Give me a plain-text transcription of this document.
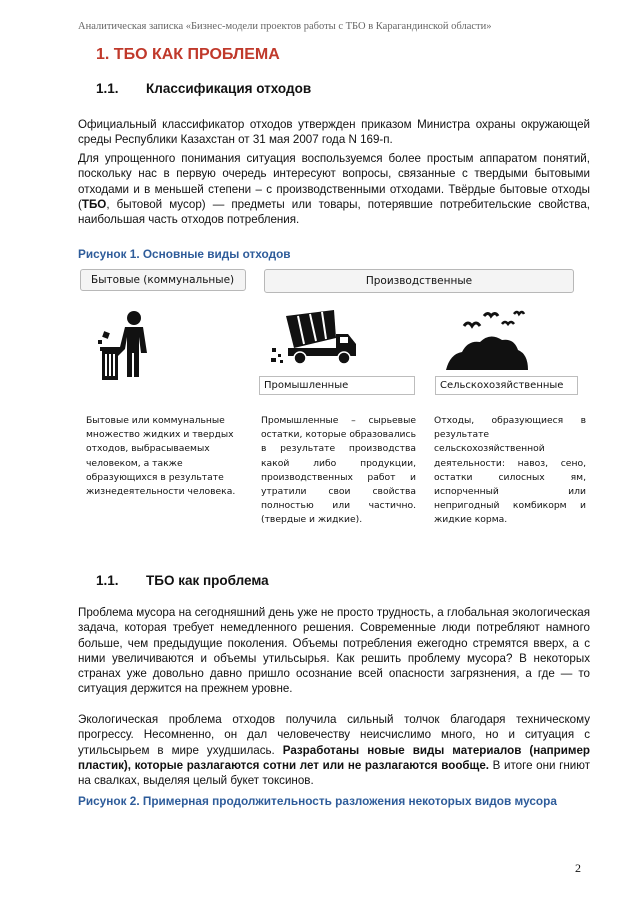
Аналитическая записка «Бизнес-модели проектов работы с ТБО в Карагандинской области»
1. ТБО КАК ПРОБЛЕМА
1.1. Классификация отходов
Официальный классификатор отходов утвержден приказом Министра охраны окружающей среды Республики Казахстан от 31 мая 2007 года N 169-п.
Для упрощенного понимания ситуация воспользуемся более простым аппаратом понятий, поскольку нас в первую очередь интересуют вопросы, связанные с твердыми бытовыми отходами и в меньшей степени – с производственными отходами. Твёрдые бытовые отходы (ТБО, бытовой мусор) — предметы или товары, потерявшие потребительские свойства, наибольшая часть отходов потребления.
Рисунок 1. Основные виды отходов
Бытовые (коммунальные)	Производственные
Промышленные	Сельскохозяйственные
Бытовые или коммунальные множество жидких и твердых отходов, выбрасываемых человеком, а также образующихся в результате жизнедеятельности человека.
Промышленные – сырьевые остатки, которые образовались в результате производства какой либо продукции, производственных работ и утратили свои свойства полностью или частично. (твердые и жидкие).
Отходы, образующиеся в результате сельскохозяйственной деятельности: навоз, сено, остатки силосных ям, испорченный или непригодный комбикорм и жидкие корма.
1.1. ТБО как проблема
Проблема мусора на сегодняшний день уже не просто трудность, а глобальная экологическая задача, которая требует немедленного решения. Современные люди потребляют намного больше, чем предыдущие поколения. Объемы потребления ежегодно стремятся вверх, а с ними увеличиваются и объемы утильсырья. Как решить проблему мусора? В некоторых странах уже довольно давно пришло осознание всей опасности загрязнения, а где — то ситуация держится на прежнем уровне.
Экологическая проблема отходов получила сильный толчок благодаря техническому прогрессу. Несомненно, он дал человечеству неисчислимо много, но и ситуация с утильсырьем в мире ухудшилась. Разработаны новые виды материалов (например пластик), которые разлагаются сотни лет или не разлагаются вообще. В итоге они гниют на свалках, выделяя целый букет токсинов.
Рисунок 2. Примерная продолжительность разложения некоторых видов мусора
2
